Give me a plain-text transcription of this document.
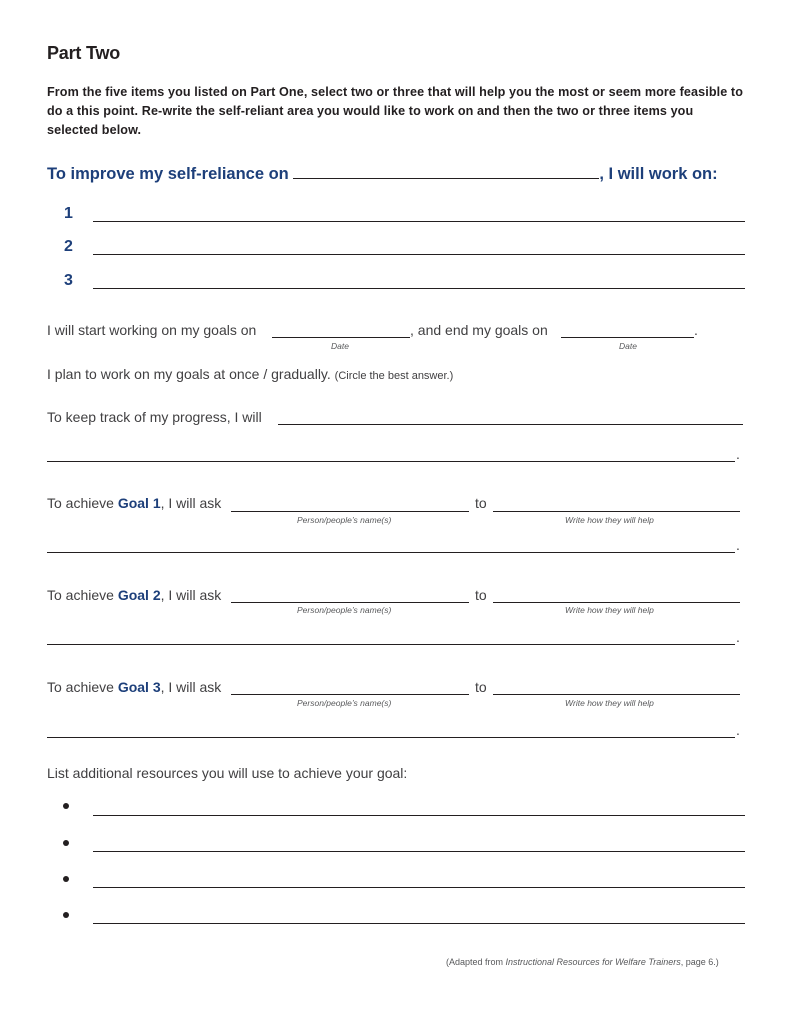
Part Two
From the five items you listed on Part One, select two or three that will help you the most or seem more feasible to do a this point. Re-write the self-reliant area you would like to work on and then the two or three items you selected below.
To improve my self-reliance on	, I will work on:
1
2
3
I will start working on my goals on	, and end my goals on	.
Date	Date
I plan to work on my goals at once / gradually. (Circle the best answer.)
To keep track of my progress, I will
.
To achieve Goal 1, I will ask	to
Person/people’s name(s)	Write how they will help
.
To achieve Goal 2, I will ask	to
Person/people’s name(s)	Write how they will help
.
To achieve Goal 3, I will ask	to
Person/people’s name(s)	Write how they will help
.
List additional resources you will use to achieve your goal:
(Adapted from Instructional Resources for Welfare Trainers, page 6.)
